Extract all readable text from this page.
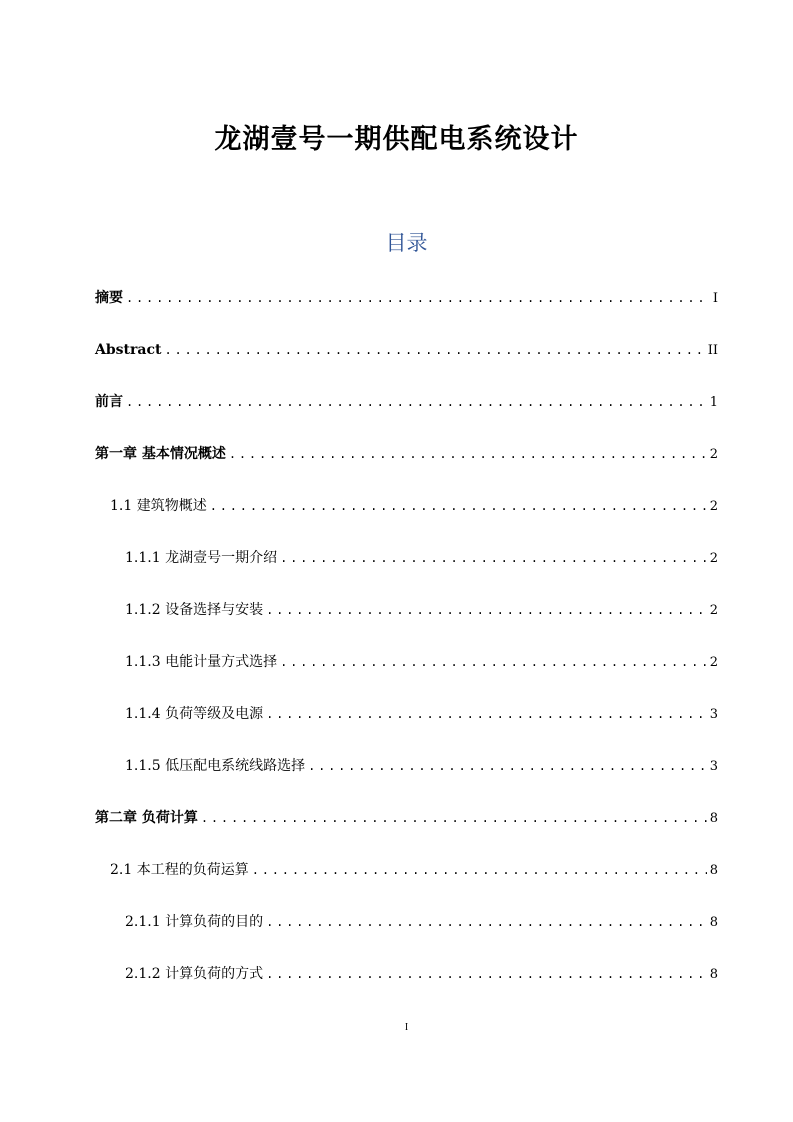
龙湖壹号一期供配电系统设计
目录
摘要 .....	I
Abstract .....	II
前言 .....	1
第一章 基本情况概述 .....	2
1.1 建筑物概述 .....	2
1.1.1 龙湖壹号一期介绍 .....	2
1.1.2 设备选择与安装 .....	2
1.1.3 电能计量方式选择 .....	2
1.1.4 负荷等级及电源 .....	3
1.1.5 低压配电系统线路选择 .....	3
第二章 负荷计算 .....	8
2.1 本工程的负荷运算 .....	8
2.1.1 计算负荷的目的 .....	8
2.1.2 计算负荷的方式 .....	8
I
